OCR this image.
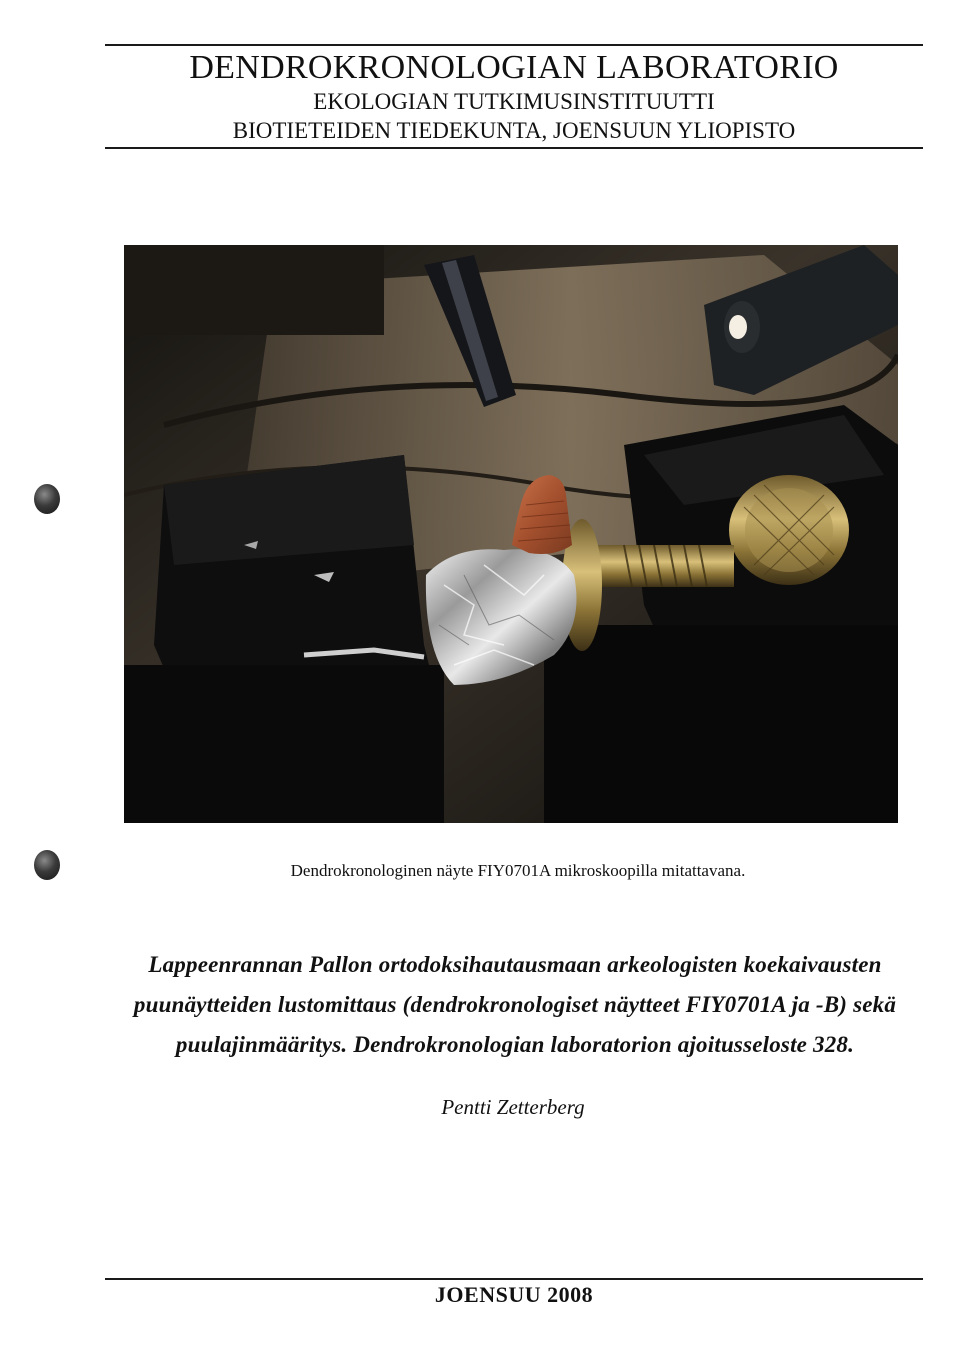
DENDROKRONOLOGIAN LABORATORIO
EKOLOGIAN TUTKIMUSINSTITUUTTI
BIOTIETEIDEN TIEDEKUNTA, JOENSUUN YLIOPISTO
Dendrokronologinen näyte FIY0701A mikroskoopilla mitattavana.
Lappeenrannan Pallon ortodoksihautausmaan arkeologisten koekaivausten
puunäytteiden lustomittaus (dendrokronologiset näytteet FIY0701A ja -B) sekä
puulajinmääritys. Dendrokronologian laboratorion ajoitusseloste 328.
Pentti Zetterberg
JOENSUU 2008
